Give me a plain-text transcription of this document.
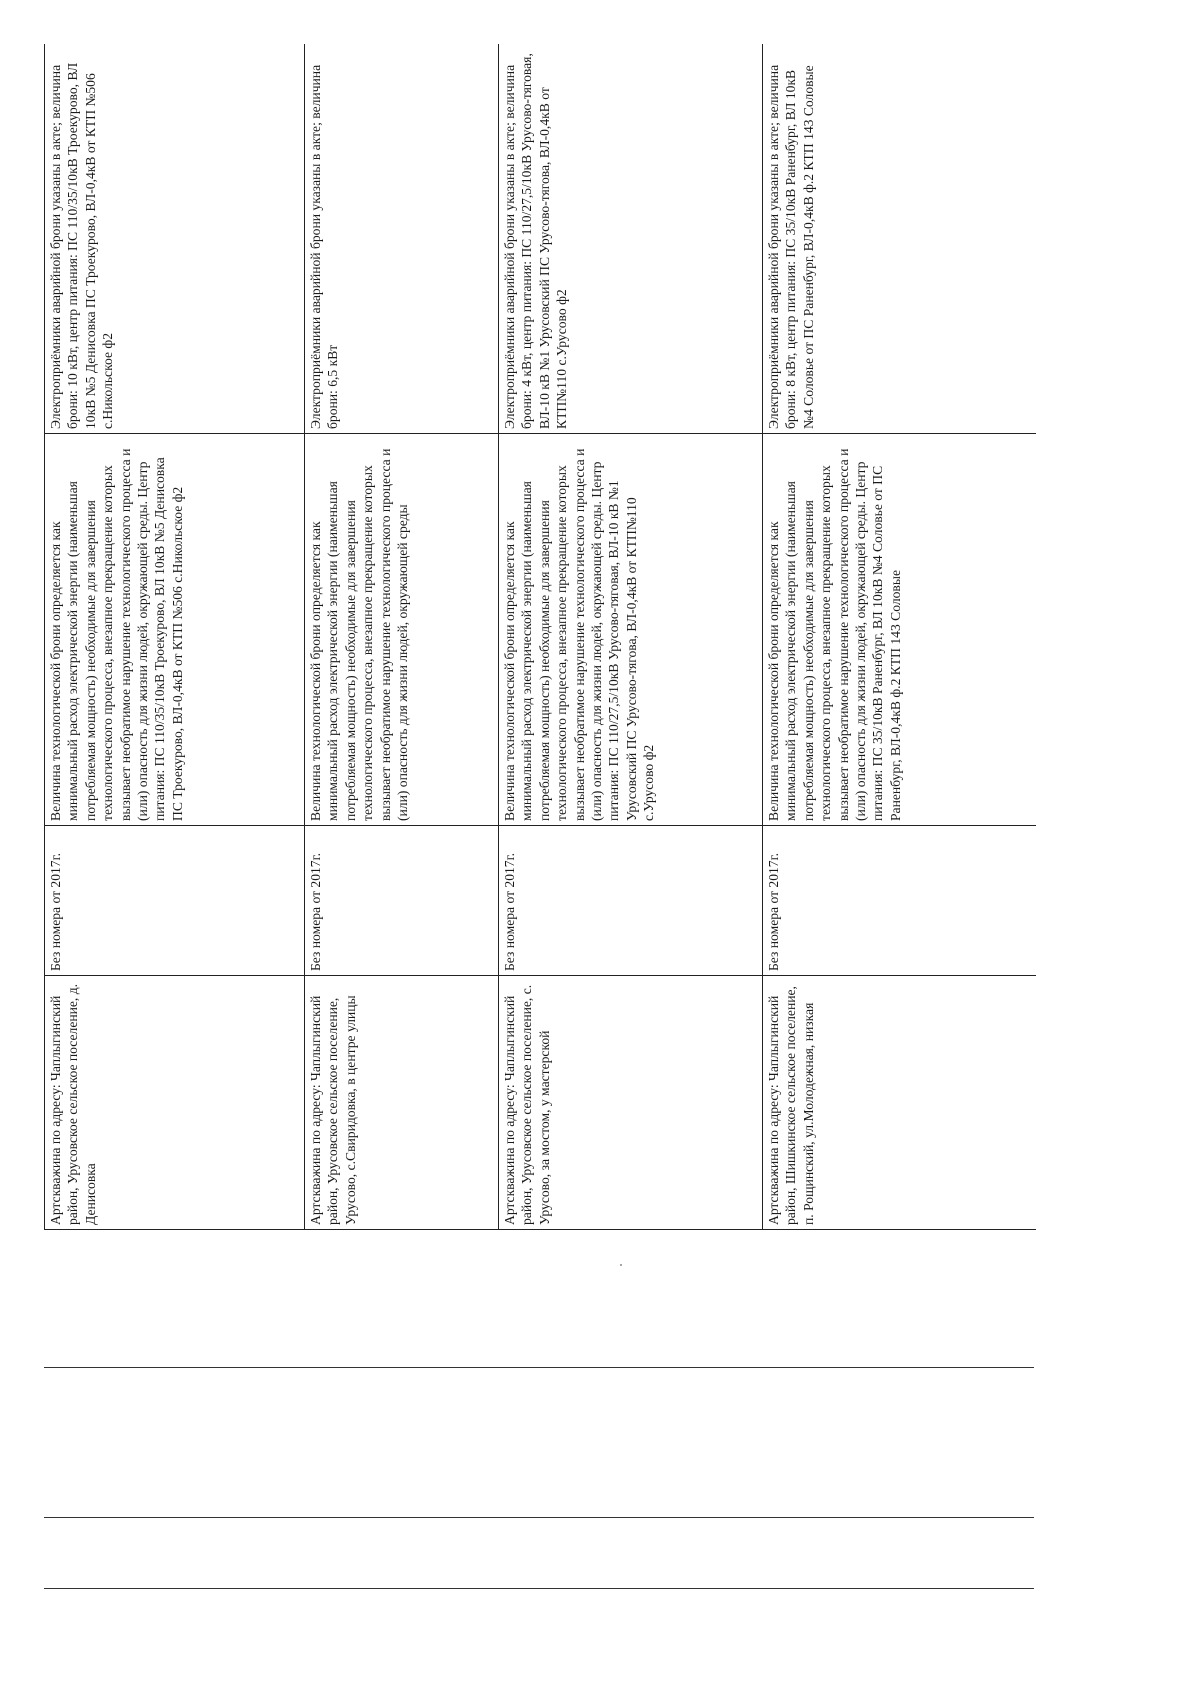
Артскважина по адресу: Чаплыгинский район, Урусовское сельское поселение, д. Денисовка	Без номера от 2017г.	Величина технологической брони определяется как минимальный расход электрической энергии (наименьшая потребляемая мощность) необходимые для завершения технологического процесса, внезапное прекращение которых вызывает необратимое нарушение технологического процесса и (или) опасность для жизни людей, окружающей среды. Центр питания: ПС 110/35/10кВ Троекурово, ВЛ 10кВ №5 Денисовка ПС Троекурово, ВЛ-0,4кВ от КТП №506 с.Никольское ф2	Электроприёмники аварийной брони указаны в акте; величина брони: 10 кВт, центр питания: ПС 110/35/10кВ Троекурово, ВЛ 10кВ №5 Денисовка ПС Троекурово, ВЛ-0,4кВ от КТП №506 с.Никольское ф2
Артскважина по адресу: Чаплыгинский район, Урусовское сельское поселение, Урусово, с.Свиридовка, в центре улицы	Без номера от 2017г.	Величина технологической брони определяется как минимальный расход электрической энергии (наименьшая потребляемая мощность) необходимые для завершения технологического процесса, внезапное прекращение которых вызывает необратимое нарушение технологического процесса и (или) опасность для жизни людей, окружающей среды	Электроприёмники аварийной брони указаны в акте; величина брони: 6,5 кВт
Артскважина по адресу: Чаплыгинский район, Урусовское сельское поселение, с. Урусово, за мостом, у мастерской	Без номера от 2017г.	Величина технологической брони определяется как минимальный расход электрической энергии (наименьшая потребляемая мощность) необходимые для завершения технологического процесса, внезапное прекращение которых вызывает необратимое нарушение технологического процесса и (или) опасность для жизни людей, окружающей среды. Центр питания: ПС 110/27,5/10кВ Урусово-тяговая, ВЛ-10 кВ №1 Урусовский ПС Урусово-тягова, ВЛ-0,4кВ от КТП№110 с.Урусово ф2	Электроприёмники аварийной брони указаны в акте; величина брони: 4 кВт, центр питания: ПС 110/27,5/10кВ Урусово-тяговая, ВЛ-10 кВ №1 Урусовский ПС Урусово-тягова, ВЛ-0,4кВ от КТП№110 с.Урусово ф2
Артскважина по адресу: Чаплыгинский район, Шишкинское сельское поселение, п. Рощинский, ул.Молодежная, низкая	Без номера от 2017г.	Величина технологической брони определяется как минимальный расход электрической энергии (наименьшая потребляемая мощность) необходимые для завершения технологического процесса, внезапное прекращение которых вызывает необратимое нарушение технологического процесса и (или) опасность для жизни людей, окружающей среды. Центр питания: ПС 35/10кВ Раненбург, ВЛ 10кВ №4 Соловье от ПС Раненбург, ВЛ-0,4кВ ф.2 КТП 143 Соловые	Электроприёмники аварийной брони указаны в акте; величина брони: 8 кВт, центр питания: ПС 35/10кВ Раненбург, ВЛ 10кВ №4 Соловье от ПС Раненбург, ВЛ-0,4кВ ф.2 КТП 143 Соловые
